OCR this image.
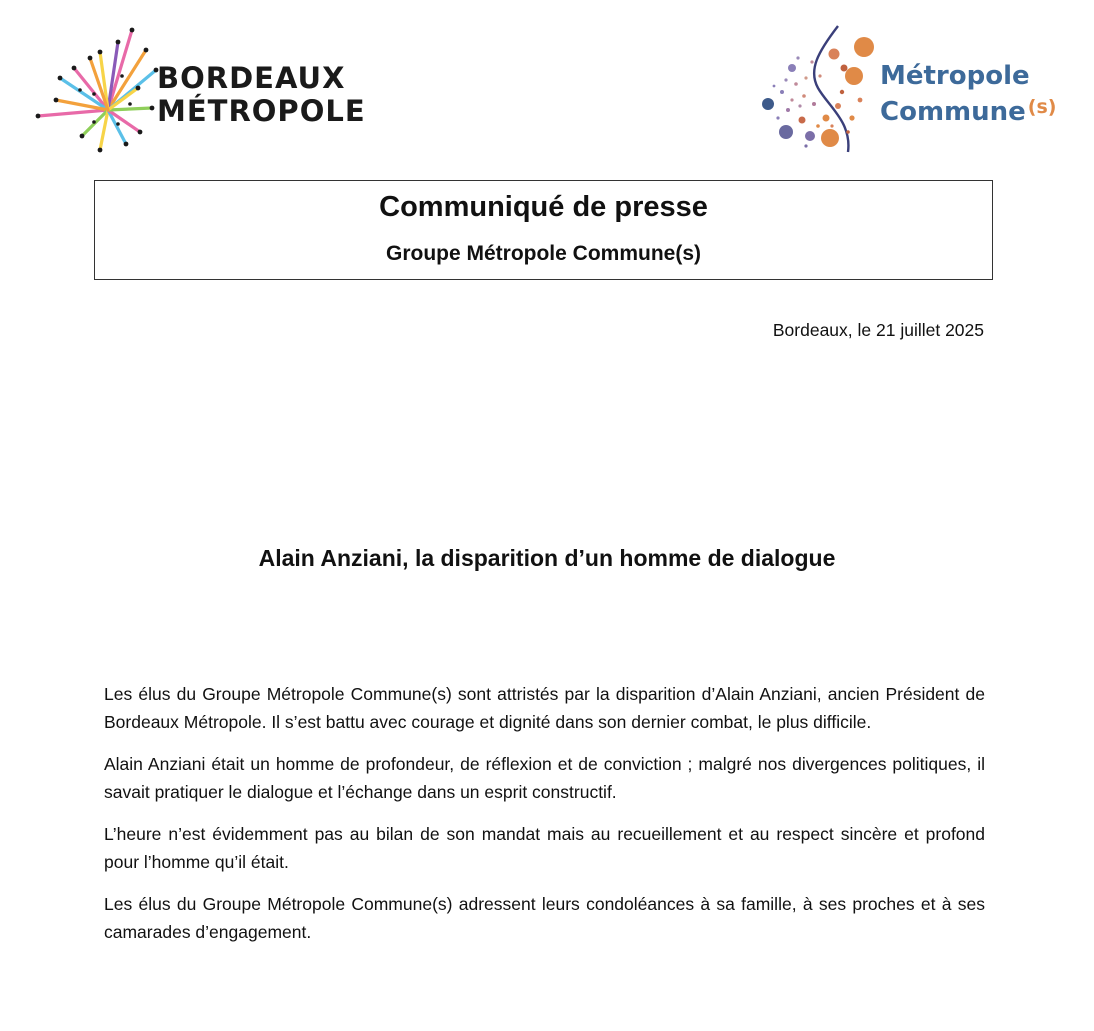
BORDEAUX
MÉTROPOLE
Métropole
Commune $^{(s)}$
Communiqué de presse
Groupe Métropole Commune(s)
Bordeaux, le 21 juillet 2025
Alain Anziani, la disparition d’un homme de dialogue

Les élus du Groupe Métropole Commune(s) sont attristés par la disparition d’Alain Anziani, ancien Président de Bordeaux Métropole. Il s’est battu avec courage et dignité dans son dernier combat, le plus difficile.

Alain Anziani était un homme de profondeur, de réflexion et de conviction ; malgré nos divergences politiques, il savait pratiquer le dialogue et l’échange dans un esprit constructif.

L’heure n’est évidemment pas au bilan de son mandat mais au recueillement et au respect sincère et profond pour l’homme qu’il était.

Les élus du Groupe Métropole Commune(s) adressent leurs condoléances à sa famille, à ses proches et à ses camarades d’engagement.
